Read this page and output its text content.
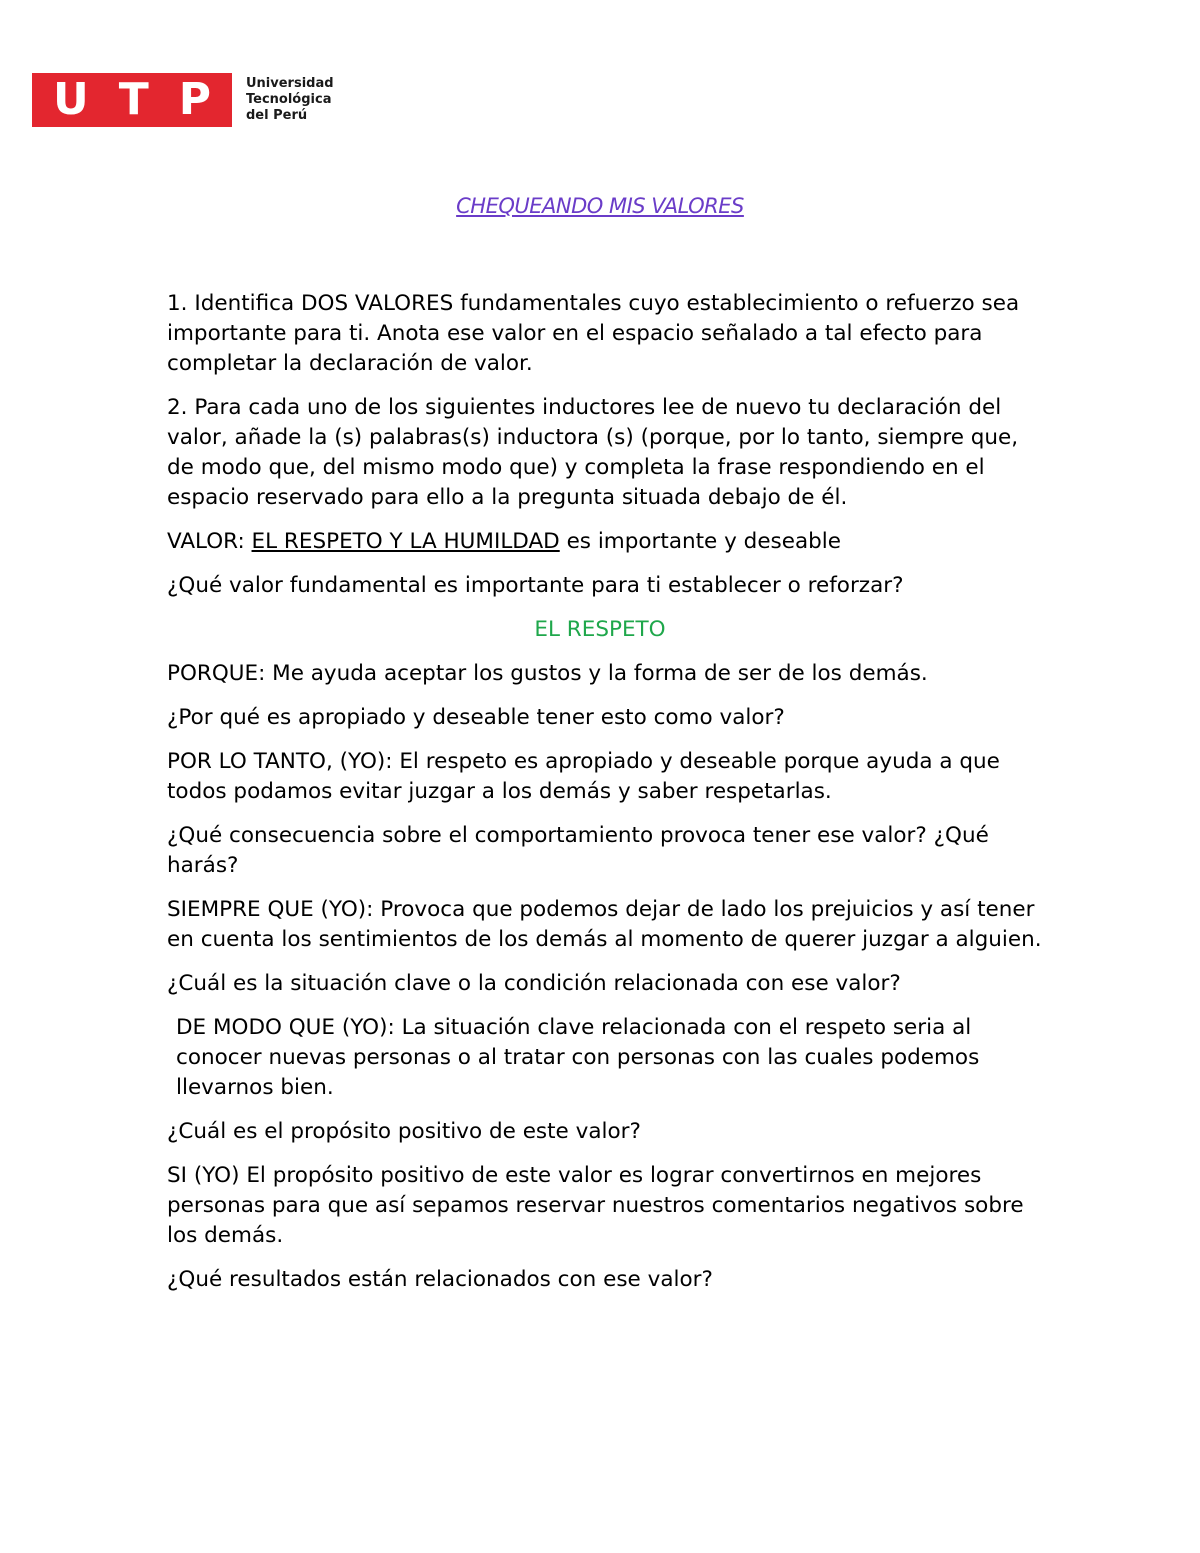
U T P	Universidad
Tecnológica
del Perú
CHEQUEANDO MIS VALORES

1. Identifica DOS VALORES fundamentales cuyo establecimiento o refuerzo sea importante para ti. Anota ese valor en el espacio señalado a tal efecto para completar la declaración de valor.

2. Para cada uno de los siguientes inductores lee de nuevo tu declaración del valor, añade la (s) palabras(s) inductora (s) (porque, por lo tanto, siempre que, de modo que, del mismo modo que) y completa la frase respondiendo en el espacio reservado para ello a la pregunta situada debajo de él.

VALOR: EL RESPETO Y LA HUMILDAD es importante y deseable

¿Qué valor fundamental es importante para ti establecer o reforzar?

EL RESPETO

PORQUE: Me ayuda aceptar los gustos y la forma de ser de los demás.

¿Por qué es apropiado y deseable tener esto como valor?

POR LO TANTO, (YO): El respeto es apropiado y deseable porque ayuda a que todos podamos evitar juzgar a los demás y saber respetarlas.

¿Qué consecuencia sobre el comportamiento provoca tener ese valor? ¿Qué harás?

SIEMPRE QUE (YO): Provoca que podemos dejar de lado los prejuicios y así tener en cuenta los sentimientos de los demás al momento de querer juzgar a alguien.

¿Cuál es la situación clave o la condición relacionada con ese valor?

DE MODO QUE (YO): La situación clave relacionada con el respeto seria al conocer nuevas personas o al tratar con personas con las cuales podemos llevarnos bien.

¿Cuál es el propósito positivo de este valor?

SI (YO) El propósito positivo de este valor es lograr convertirnos en mejores personas para que así sepamos reservar nuestros comentarios negativos sobre los demás.

¿Qué resultados están relacionados con ese valor?
